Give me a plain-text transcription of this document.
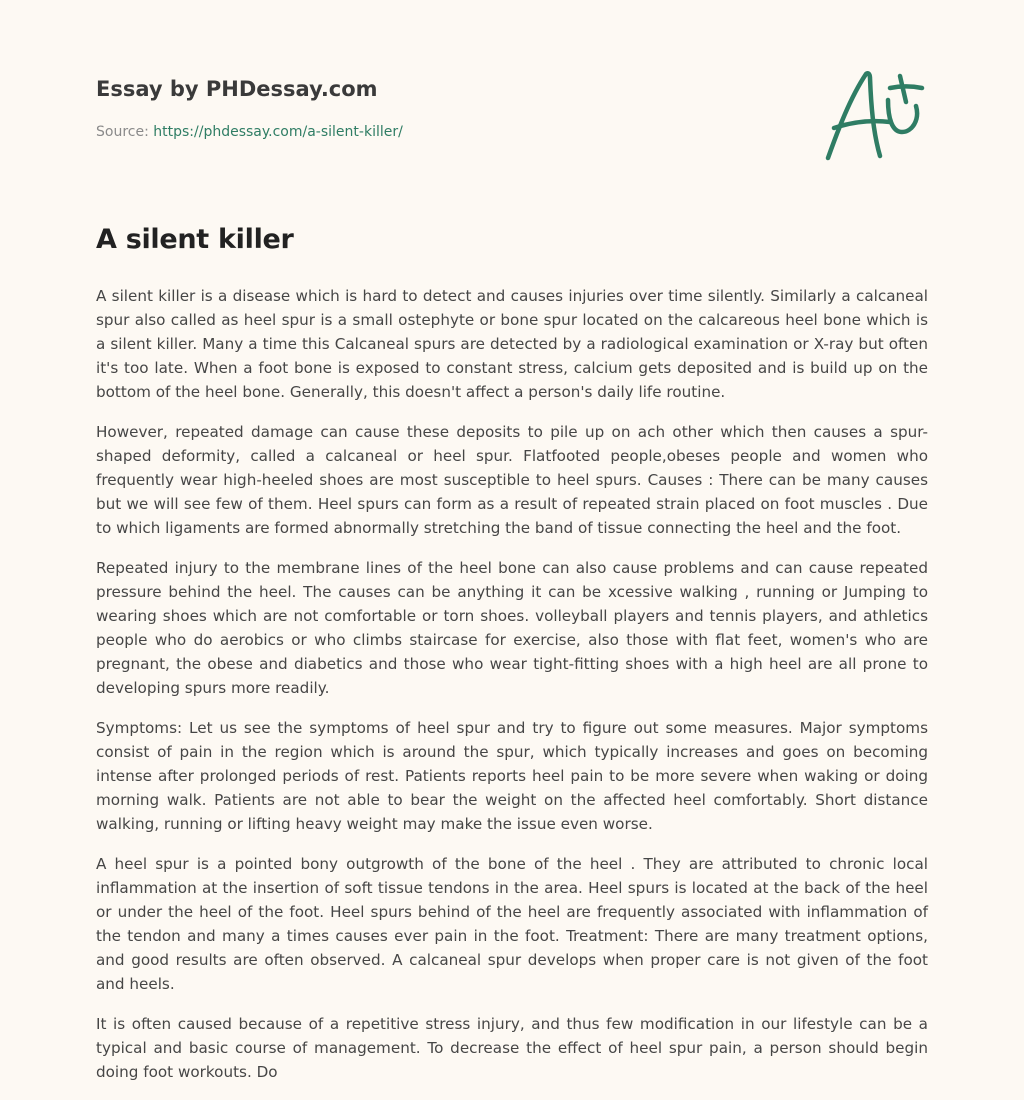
Essay by PHDessay.com
Source: https://phdessay.com/a-silent-killer/
A silent killer

A silent killer is a disease which is hard to detect and causes injuries over time silently. Similarly a calcaneal spur also called as heel spur is a small ostephyte or bone spur located on the calcareous heel bone which is a silent killer. Many a time this Calcaneal spurs are detected by a radiological examination or X-ray but often it's too late. When a foot bone is exposed to constant stress, calcium gets deposited and is build up on the bottom of the heel bone. Generally, this doesn't affect a person's daily life routine.

However, repeated damage can cause these deposits to pile up on ach other which then causes a spur-shaped deformity, called a calcaneal or heel spur. Flatfooted people,obeses people and women who frequently wear high-heeled shoes are most susceptible to heel spurs. Causes : There can be many causes but we will see few of them. Heel spurs can form as a result of repeated strain placed on foot muscles . Due to which ligaments are formed abnormally stretching the band of tissue connecting the heel and the foot.

Repeated injury to the membrane lines of the heel bone can also cause problems and can cause repeated pressure behind the heel. The causes can be anything it can be xcessive walking , running or Jumping to wearing shoes which are not comfortable or torn shoes. volleyball players and tennis players, and athletics people who do aerobics or who climbs staircase for exercise, also those with flat feet, women's who are pregnant, the obese and diabetics and those who wear tight-fitting shoes with a high heel are all prone to developing spurs more readily.

Symptoms: Let us see the symptoms of heel spur and try to figure out some measures. Major symptoms consist of pain in the region which is around the spur, which typically increases and goes on becoming intense after prolonged periods of rest. Patients reports heel pain to be more severe when waking or doing morning walk. Patients are not able to bear the weight on the affected heel comfortably. Short distance walking, running or lifting heavy weight may make the issue even worse.

A heel spur is a pointed bony outgrowth of the bone of the heel . They are attributed to chronic local inflammation at the insertion of soft tissue tendons in the area. Heel spurs is located at the back of the heel or under the heel of the foot. Heel spurs behind of the heel are frequently associated with inflammation of the tendon and many a times causes ever pain in the foot. Treatment: There are many treatment options, and good results are often observed. A calcaneal spur develops when proper care is not given of the foot and heels.

It is often caused because of a repetitive stress injury, and thus few modification in our lifestyle can be a typical and basic course of management. To decrease the effect of heel spur pain, a person should begin doing foot workouts. Do
